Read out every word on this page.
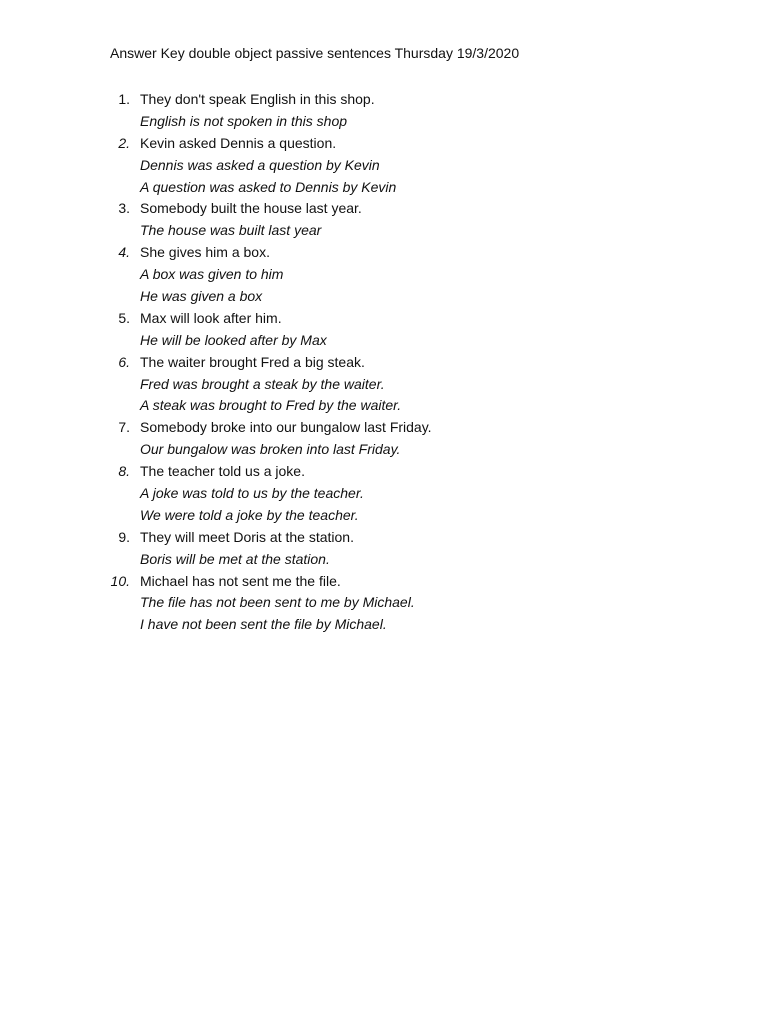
Answer Key double object passive sentences Thursday 19/3/2020
1. They don't speak English in this shop.
English is not spoken in this shop
2. Kevin asked Dennis a question.
Dennis was asked a question by Kevin
A question was asked to Dennis by Kevin
3. Somebody built the house last year.
The house was built last year
4. She gives him a box.
A box was given to him
He was given a box
5. Max will look after him.
He will be looked after by Max
6. The waiter brought Fred a big steak.
Fred was brought a steak by the waiter.
A steak was brought to Fred by the waiter.
7. Somebody broke into our bungalow last Friday.
Our bungalow was broken into last Friday.
8. The teacher told us a joke.
A joke was told to us by the teacher.
We were told a joke by the teacher.
9. They will meet Doris at the station.
Boris will be met at the station.
10. Michael has not sent me the file.
The file has not been sent to me by Michael.
I have not been sent the file by Michael.
